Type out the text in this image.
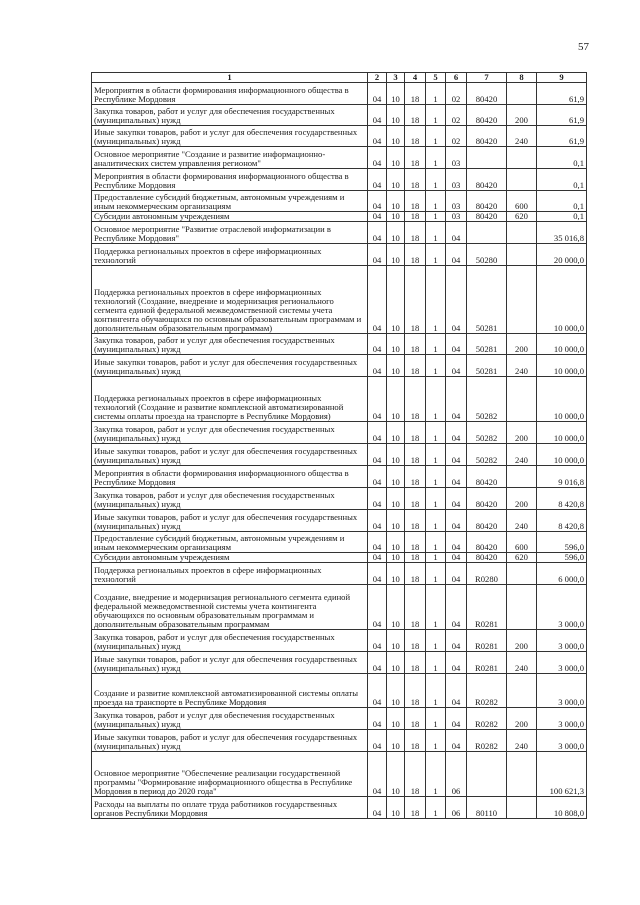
57
1	2	3	4	5	6	7	8	9
Мероприятия в области формирования информационного общества в Республике Мордовия	04	10	18	1	02	80420		61,9
Закупка товаров, работ и услуг для обеспечения государственных (муниципальных) нужд	04	10	18	1	02	80420	200	61,9
Иные закупки товаров, работ и услуг для обеспечения государственных (муниципальных) нужд	04	10	18	1	02	80420	240	61,9
Основное мероприятие "Создание и развитие информационно-аналитических систем управления регионом"	04	10	18	1	03			0,1
Мероприятия в области формирования информационного общества в Республике Мордовия	04	10	18	1	03	80420		0,1
Предоставление субсидий бюджетным, автономным учреждениям и иным некоммерческим организациям	04	10	18	1	03	80420	600	0,1
Субсидии автономным учреждениям	04	10	18	1	03	80420	620	0,1
Основное мероприятие "Развитие отраслевой информатизации в Республике Мордовия"	04	10	18	1	04			35 016,8
Поддержка региональных проектов в сфере информационных технологий	04	10	18	1	04	50280		20 000,0
Поддержка региональных проектов в сфере информационных технологий (Создание, внедрение и модернизация регионального сегмента единой федеральной межведомственной системы учета контингента обучающихся по основным образовательным программам и дополнительным образовательным программам)	04	10	18	1	04	50281		10 000,0
Закупка товаров, работ и услуг для обеспечения государственных (муниципальных) нужд	04	10	18	1	04	50281	200	10 000,0
Иные закупки товаров, работ и услуг для обеспечения государственных (муниципальных) нужд	04	10	18	1	04	50281	240	10 000,0
Поддержка региональных проектов в сфере информационных технологий (Создание и развитие комплексной автоматизированной системы оплаты проезда на транспорте в Республике Мордовия)	04	10	18	1	04	50282		10 000,0
Закупка товаров, работ и услуг для обеспечения государственных (муниципальных) нужд	04	10	18	1	04	50282	200	10 000,0
Иные закупки товаров, работ и услуг для обеспечения государственных (муниципальных) нужд	04	10	18	1	04	50282	240	10 000,0
Мероприятия в области формирования информационного общества в Республике Мордовия	04	10	18	1	04	80420		9 016,8
Закупка товаров, работ и услуг для обеспечения государственных (муниципальных) нужд	04	10	18	1	04	80420	200	8 420,8
Иные закупки товаров, работ и услуг для обеспечения государственных (муниципальных) нужд	04	10	18	1	04	80420	240	8 420,8
Предоставление субсидий бюджетным, автономным учреждениям и иным некоммерческим организациям	04	10	18	1	04	80420	600	596,0
Субсидии автономным учреждениям	04	10	18	1	04	80420	620	596,0
Поддержка региональных проектов в сфере информационных технологий	04	10	18	1	04	R0280		6 000,0
Создание, внедрение и модернизация регионального сегмента единой федеральной межведомственной системы учета контингента обучающихся по основным образовательным программам и дополнительным образовательным программам	04	10	18	1	04	R0281		3 000,0
Закупка товаров, работ и услуг для обеспечения государственных (муниципальных) нужд	04	10	18	1	04	R0281	200	3 000,0
Иные закупки товаров, работ и услуг для обеспечения государственных (муниципальных) нужд	04	10	18	1	04	R0281	240	3 000,0
Создание и развитие комплексной автоматизированной системы оплаты проезда на транспорте в Республике Мордовия	04	10	18	1	04	R0282		3 000,0
Закупка товаров, работ и услуг для обеспечения государственных (муниципальных) нужд	04	10	18	1	04	R0282	200	3 000,0
Иные закупки товаров, работ и услуг для обеспечения государственных (муниципальных) нужд	04	10	18	1	04	R0282	240	3 000,0
Основное мероприятие "Обеспечение реализации государственной программы "Формирование информационного общества в Республике Мордовия в период до 2020 года"	04	10	18	1	06			100 621,3
Расходы на выплаты по оплате труда работников государственных органов Республики Мордовия	04	10	18	1	06	80110		10 808,0
